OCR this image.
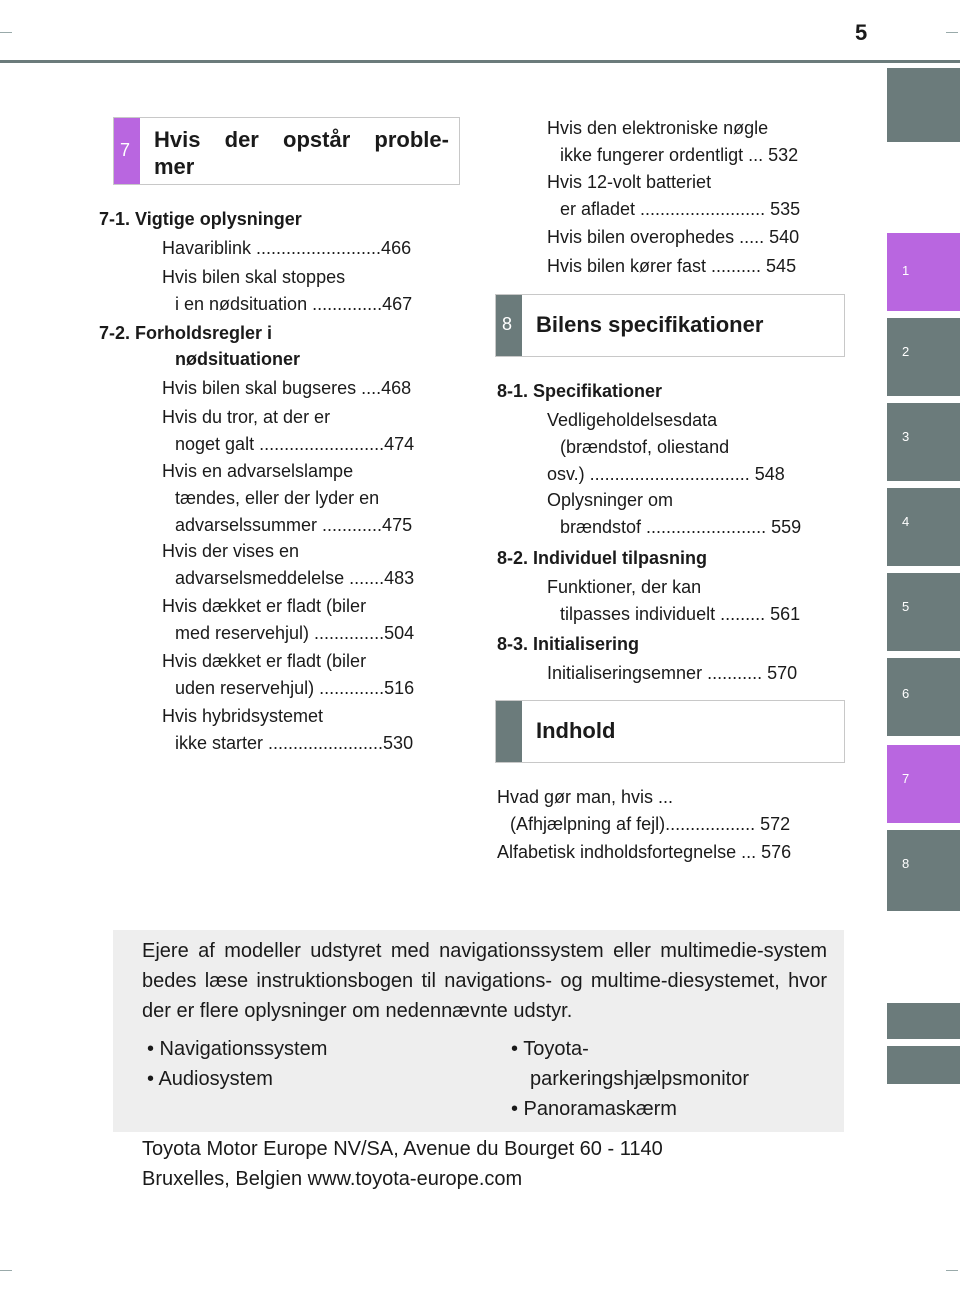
5
1
2
3
4
5
6
7
8
7 Hvis der opstår proble-
mer
7-1. Vigtige oplysninger
Havariblink .........................466
Hvis bilen skal stoppes
i en nødsituation ..............467
7-2. Forholdsregler i
nødsituationer
Hvis bilen skal bugseres ....468
Hvis du tror, at der er
noget galt .........................474
Hvis en advarselslampe
tændes, eller der lyder en
advarselssummer ............475
Hvis der vises en
advarselsmeddelelse .......483
Hvis dækket er fladt (biler
med reservehjul) ..............504
Hvis dækket er fladt (biler
uden reservehjul) .............516
Hvis hybridsystemet
ikke starter .......................530
Hvis den elektroniske nøgle
ikke fungerer ordentligt ... 532
Hvis 12-volt batteriet
er afladet ......................... 535
Hvis bilen overophedes ..... 540
Hvis bilen kører fast .......... 545
8 Bilens specifikationer
8-1. Specifikationer
Vedligeholdelsesdata
(brændstof, oliestand
osv.) ................................ 548
Oplysninger om
brændstof ........................ 559
8-2. Individuel tilpasning
Funktioner, der kan
tilpasses individuelt ......... 561
8-3. Initialisering
Initialiseringsemner ........... 570
Indhold
Hvad gør man, hvis ...
(Afhjælpning af fejl).................. 572
Alfabetisk indholdsfortegnelse ... 576
Ejere af modeller udstyret med navigationssystem eller multimedie-system bedes læse instruktionsbogen til navigations- og multime-diesystemet, hvor der er flere oplysninger om nedennævnte udstyr.
• Navigationssystem
• Audiosystem
• Toyota-
parkeringshjælpsmonitor
• Panoramaskærm
Toyota Motor Europe NV/SA, Avenue du Bourget 60 - 1140
Bruxelles, Belgien www.toyota-europe.com
